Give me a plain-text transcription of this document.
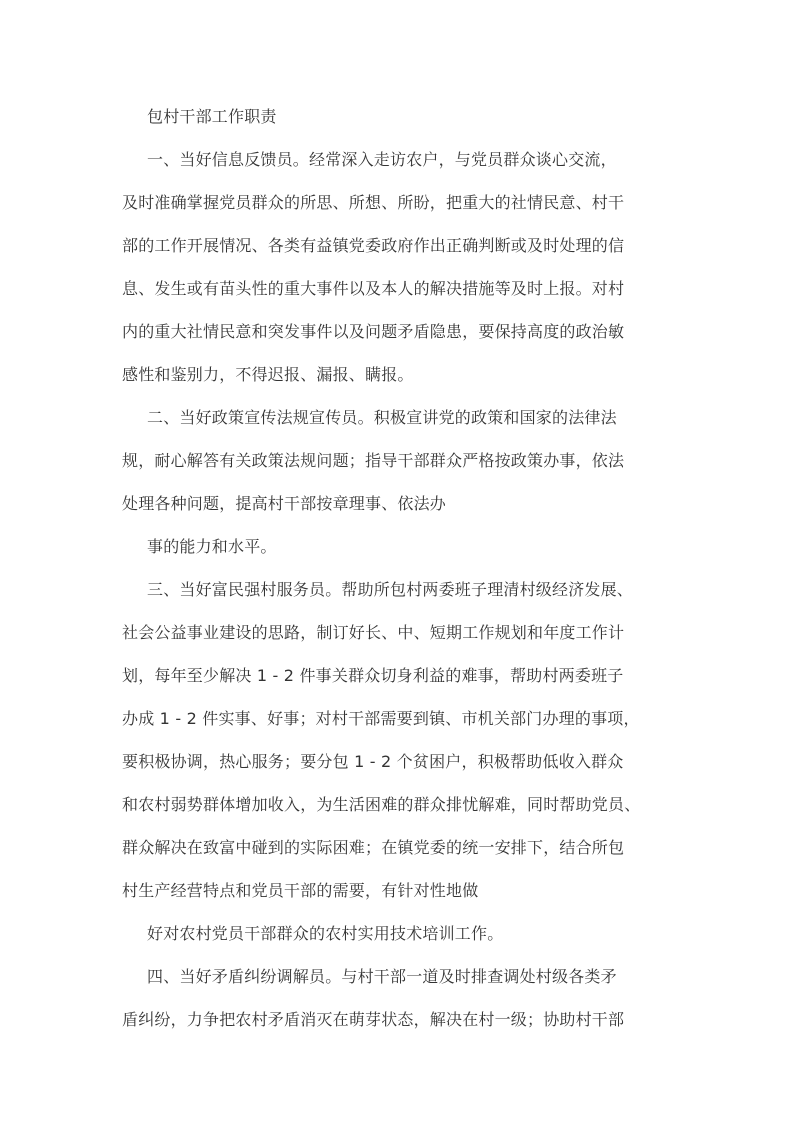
包村干部工作职责
一、当好信息反馈员。经常深入走访农户，与党员群众谈心交流，
及时准确掌握党员群众的所思、所想、所盼，把重大的社情民意、村干
部的工作开展情况、各类有益镇党委政府作出正确判断或及时处理的信
息、发生或有苗头性的重大事件以及本人的解决措施等及时上报。对村
内的重大社情民意和突发事件以及问题矛盾隐患，要保持高度的政治敏
感性和鉴别力，不得迟报、漏报、瞒报。
二、当好政策宣传法规宣传员。积极宣讲党的政策和国家的法律法
规，耐心解答有关政策法规问题；指导干部群众严格按政策办事，依法
处理各种问题，提高村干部按章理事、依法办
事的能力和水平。
三、当好富民强村服务员。帮助所包村两委班子理清村级经济发展、
社会公益事业建设的思路，制订好长、中、短期工作规划和年度工作计
划，每年至少解决 1 - 2 件事关群众切身利益的难事，帮助村两委班子
办成 1 - 2 件实事、好事；对村干部需要到镇、市机关部门办理的事项，
要积极协调，热心服务；要分包 1 - 2 个贫困户，积极帮助低收入群众
和农村弱势群体增加收入，为生活困难的群众排忧解难，同时帮助党员、
群众解决在致富中碰到的实际困难；在镇党委的统一安排下，结合所包
村生产经营特点和党员干部的需要，有针对性地做
好对农村党员干部群众的农村实用技术培训工作。
四、当好矛盾纠纷调解员。与村干部一道及时排查调处村级各类矛
盾纠纷，力争把农村矛盾消灭在萌芽状态，解决在村一级；协助村干部
